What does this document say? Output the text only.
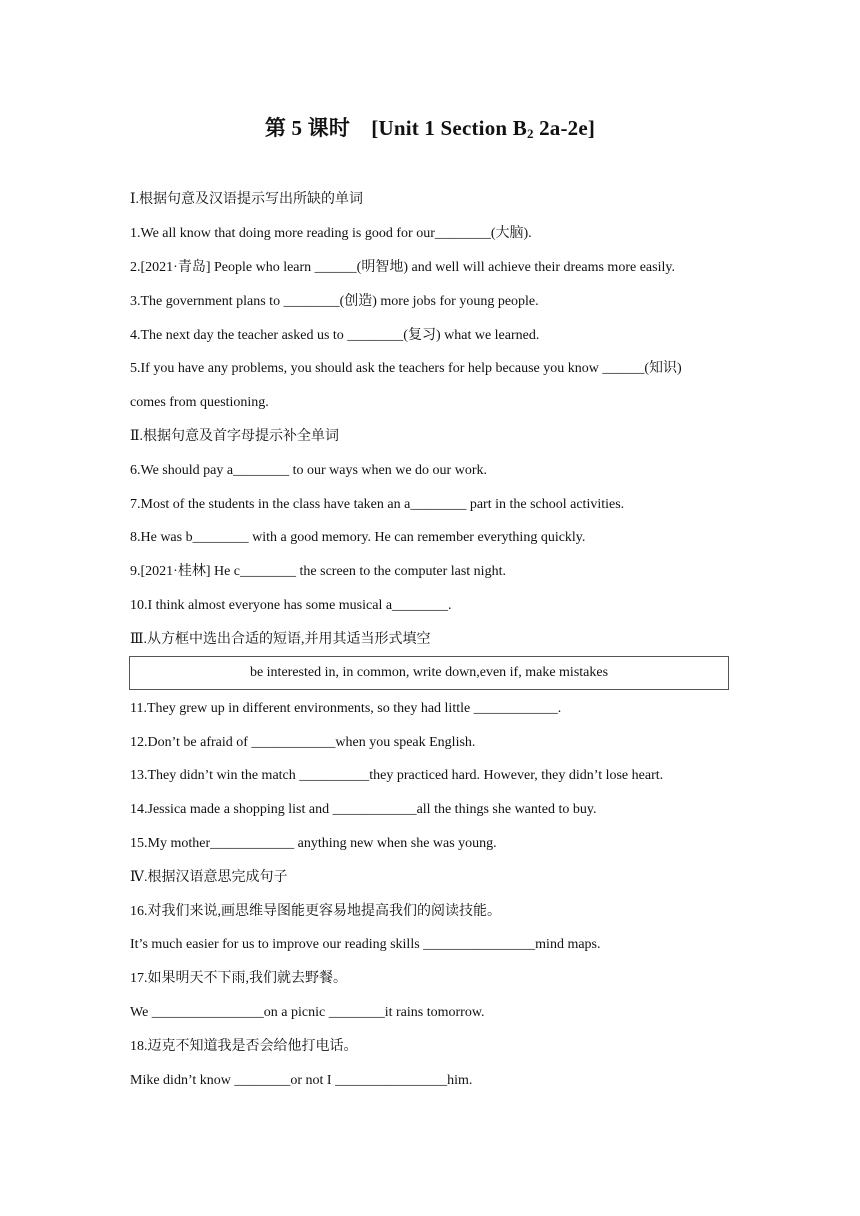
第 5 课时　[Unit 1 Section $B_2$ 2a-2e]
Ⅰ.根据句意及汉语提示写出所缺的单词
1.We all know that doing more reading is good for our________(大脑).
2.[2021·青岛] People who learn ______(明智地) and well will achieve their dreams more easily.
3.The government plans to ________(创造) more jobs for young people.
4.The next day the teacher asked us to ________(复习) what we learned.
5.If you have any problems, you should ask the teachers for help because you know ______(知识)
comes from questioning.
Ⅱ.根据句意及首字母提示补全单词
6.We should pay a________ to our ways when we do our work.
7.Most of the students in the class have taken an a________ part in the school activities.
8.He was b________ with a good memory. He can remember everything quickly.
9.[2021·桂林] He c________ the screen to the computer last night.
10.I think almost everyone has some musical a________.
Ⅲ.从方框中选出合适的短语,并用其适当形式填空
be interested in, in common, write down,even if, make mistakes
11.They grew up in different environments, so they had little ____________.
12.Don’t be afraid of ____________when you speak English.
13.They didn’t win the match __________they practiced hard. However, they didn’t lose heart.
14.Jessica made a shopping list and ____________all the things she wanted to buy.
15.My mother____________ anything new when she was young.
Ⅳ.根据汉语意思完成句子
16.对我们来说,画思维导图能更容易地提高我们的阅读技能。
It’s much easier for us to improve our reading skills ________________mind maps.
17.如果明天不下雨,我们就去野餐。
We ________________on a picnic ________it rains tomorrow.
18.迈克不知道我是否会给他打电话。
Mike didn’t know ________or not I ________________him.
